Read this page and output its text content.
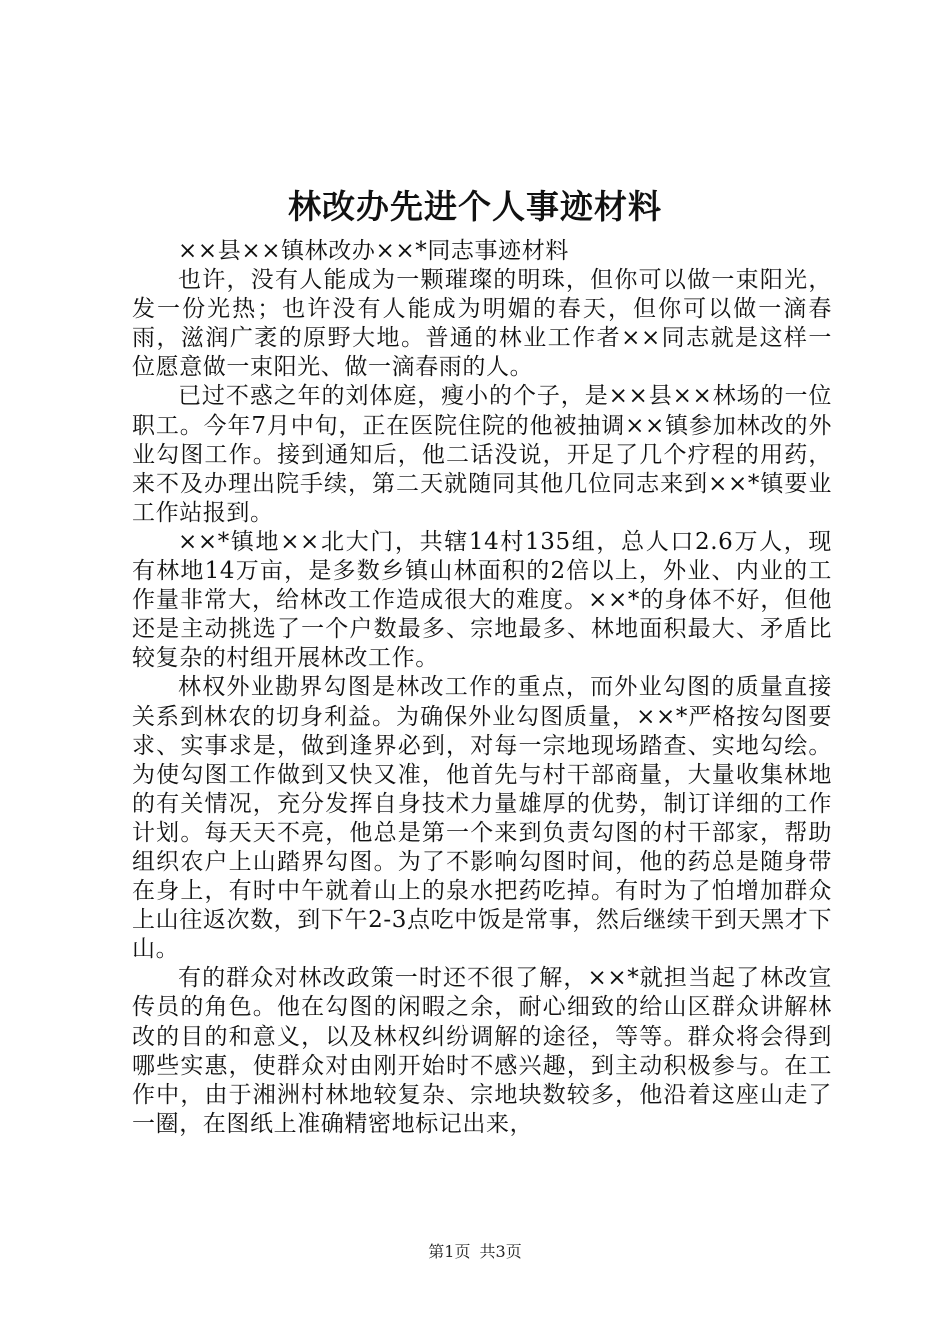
林改办先进个人事迹材料

××县××镇林改办××*同志事迹材料

也许，没有人能成为一颗璀璨的明珠，但你可以做一束阳光，发一份光热；也许没有人能成为明媚的春天，但你可以做一滴春雨，滋润广袤的原野大地。普通的林业工作者××同志就是这样一位愿意做一束阳光、做一滴春雨的人。

已过不惑之年的刘体庭，瘦小的个子，是××县××林场的一位职工。今年7月中旬，正在医院住院的他被抽调××镇参加林改的外业勾图工作。接到通知后，他二话没说，开足了几个疗程的用药，来不及办理出院手续，第二天就随同其他几位同志来到××*镇要业工作站报到。

××*镇地××北大门，共辖14村135组，总人口2.6万人，现有林地14万亩，是多数乡镇山林面积的2倍以上，外业、内业的工作量非常大，给林改工作造成很大的难度。××*的身体不好，但他还是主动挑选了一个户数最多、宗地最多、林地面积最大、矛盾比较复杂的村组开展林改工作。

林权外业勘界勾图是林改工作的重点，而外业勾图的质量直接关系到林农的切身利益。为确保外业勾图质量，××*严格按勾图要求、实事求是，做到逢界必到，对每一宗地现场踏查、实地勾绘。为使勾图工作做到又快又准，他首先与村干部商量，大量收集林地的有关情况，充分发挥自身技术力量雄厚的优势，制订详细的工作计划。每天天不亮，他总是第一个来到负责勾图的村干部家，帮助组织农户上山踏界勾图。为了不影响勾图时间，他的药总是随身带在身上，有时中午就着山上的泉水把药吃掉。有时为了怕增加群众上山往返次数，到下午2-3点吃中饭是常事，然后继续干到天黑才下山。

有的群众对林改政策一时还不很了解，××*就担当起了林改宣传员的角色。他在勾图的闲暇之余，耐心细致的给山区群众讲解林改的目的和意义，以及林权纠纷调解的途径，等等。群众将会得到哪些实惠，使群众对由刚开始时不感兴趣，到主动积极参与。在工作中，由于湘洲村林地较复杂、宗地块数较多，他沿着这座山走了一圈，在图纸上准确精密地标记出来，

第1页 共3页
